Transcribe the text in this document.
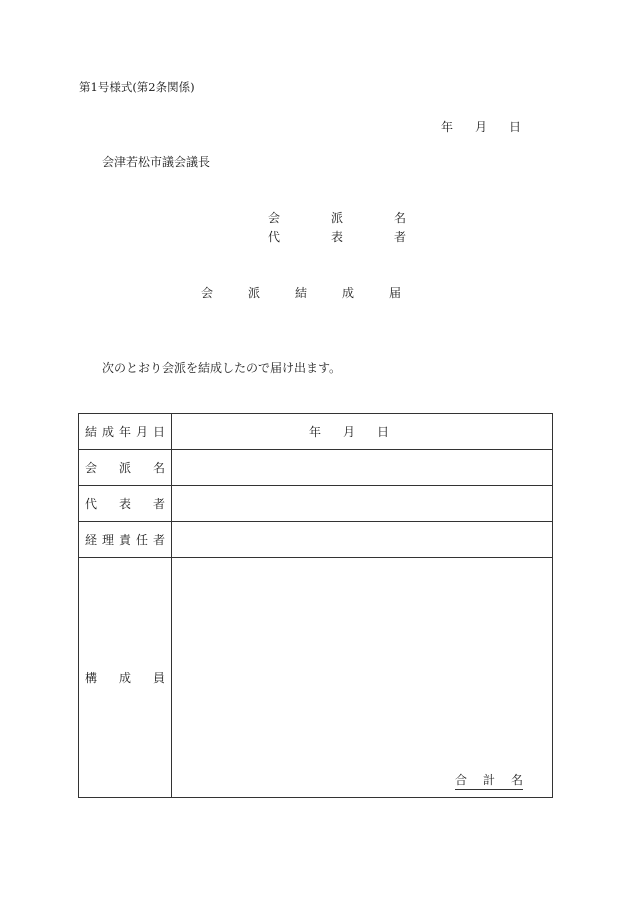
第1号様式(第2条関係)
年 月 日
会津若松市議会議長
会	派	名
代	表	者
会	派	結	成	届
次のとおり会派を結成したので届け出ます。
結 成 年 月 日	年 月 日

会 派 名	

代 表 者	

経 理 責 任 者	

構 成 員	合 計 名
